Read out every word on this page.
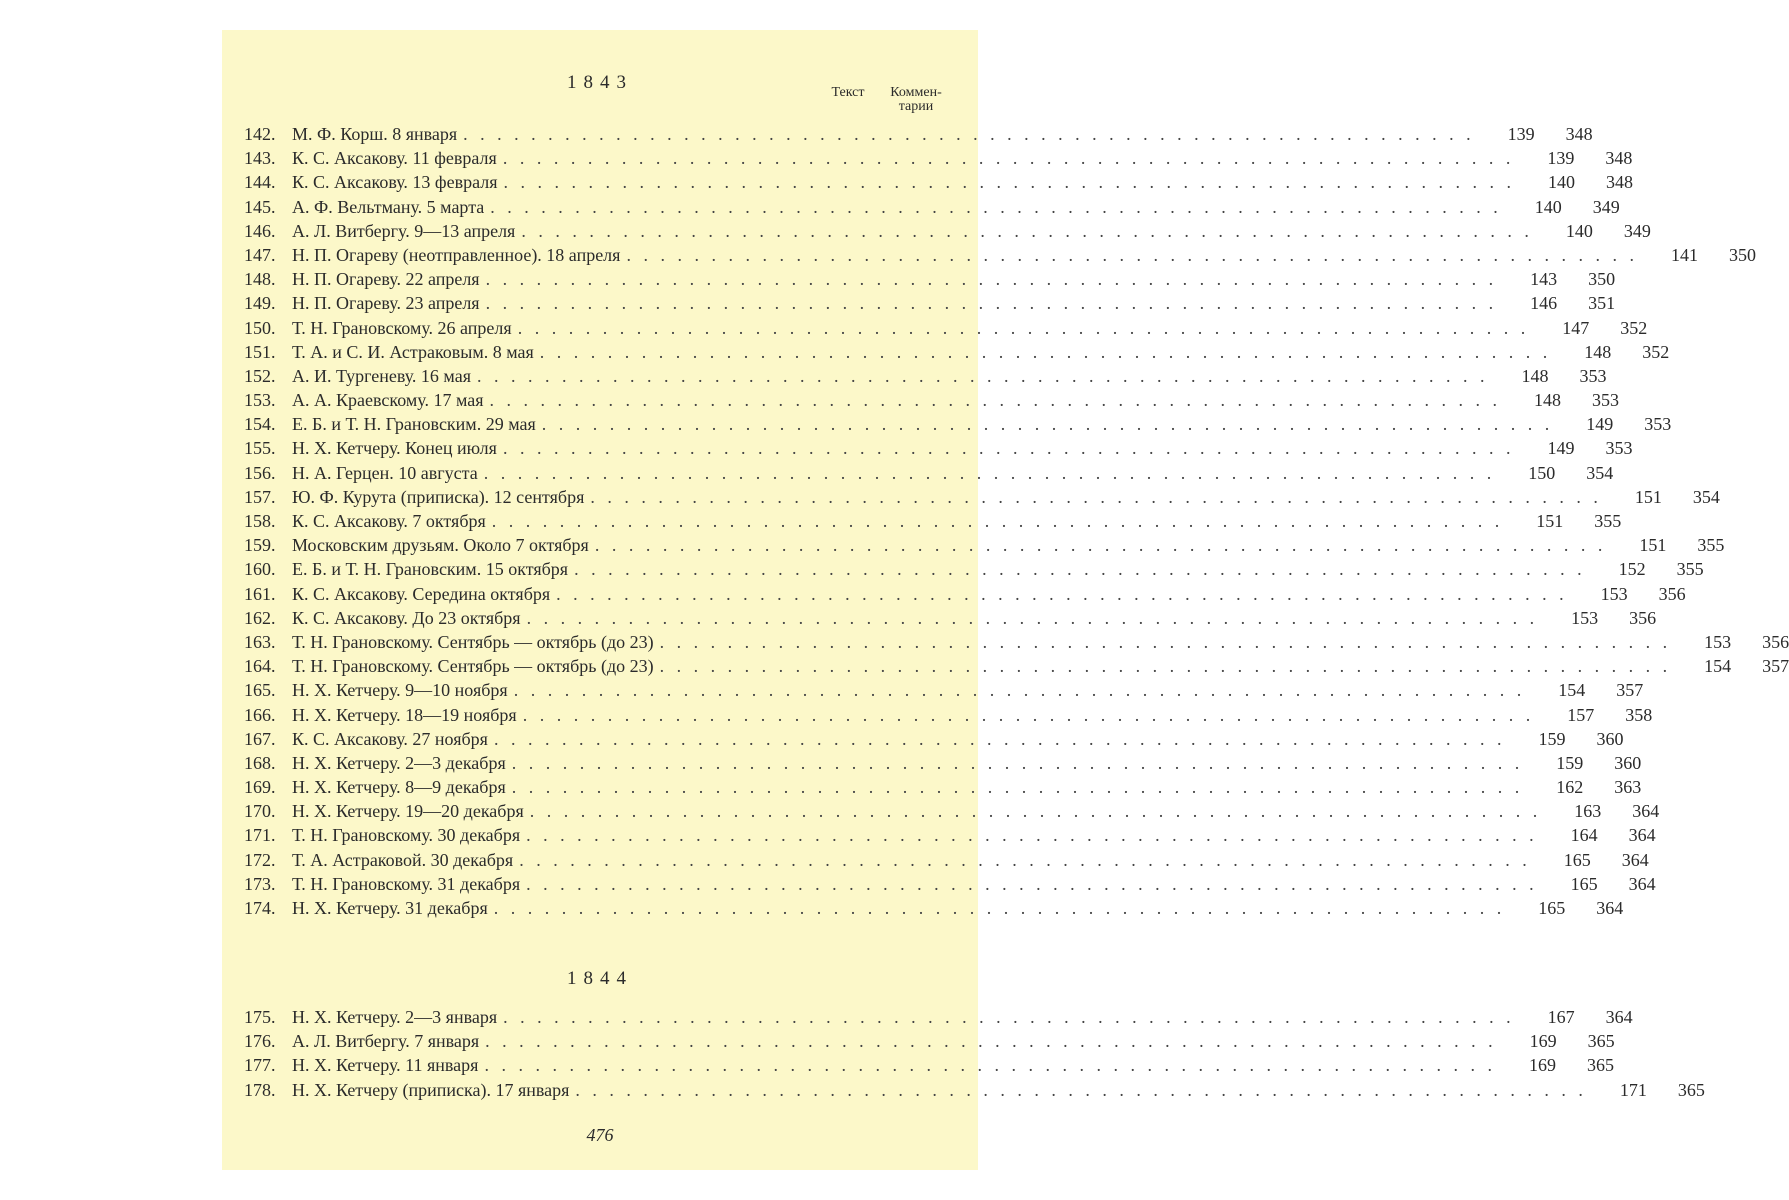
1843	Текст	Коммен-
тарии
142. М. Ф. Корш. 8 января . . . . . . . . . . . . . . . . . . . . . . . . . . . . . . . . . . . . . . . . . . . . . . . . . . . . . . . . . . . .	139	348
143. К. С. Аксакову. 11 февраля . . . . . . . . . . . . . . . . . . . . . . . . . . . . . . . . . . . . . . . . . . . . . . . . . . . . . . . . . . . .	139	348
144. К. С. Аксакову. 13 февраля . . . . . . . . . . . . . . . . . . . . . . . . . . . . . . . . . . . . . . . . . . . . . . . . . . . . . . . . . . . .	140	348
145. А. Ф. Вельтману. 5 марта . . . . . . . . . . . . . . . . . . . . . . . . . . . . . . . . . . . . . . . . . . . . . . . . . . . . . . . . . . . .	140	349
146. А. Л. Витбергу. 9—13 апреля . . . . . . . . . . . . . . . . . . . . . . . . . . . . . . . . . . . . . . . . . . . . . . . . . . . . . . . . . . . .	140	349
147. Н. П. Огареву (неотправленное). 18 апреля . . . . . . . . . . . . . . . . . . . . . . . . . . . . . . . . . . . . . . . . . . . . . . . . . . . . . . . . . . . .	141	350
148. Н. П. Огареву. 22 апреля . . . . . . . . . . . . . . . . . . . . . . . . . . . . . . . . . . . . . . . . . . . . . . . . . . . . . . . . . . . .	143	350
149. Н. П. Огареву. 23 апреля . . . . . . . . . . . . . . . . . . . . . . . . . . . . . . . . . . . . . . . . . . . . . . . . . . . . . . . . . . . .	146	351
150. Т. Н. Грановскому. 26 апреля . . . . . . . . . . . . . . . . . . . . . . . . . . . . . . . . . . . . . . . . . . . . . . . . . . . . . . . . . . . .	147	352
151. Т. А. и С. И. Астраковым. 8 мая . . . . . . . . . . . . . . . . . . . . . . . . . . . . . . . . . . . . . . . . . . . . . . . . . . . . . . . . . . . .	148	352
152. А. И. Тургеневу. 16 мая . . . . . . . . . . . . . . . . . . . . . . . . . . . . . . . . . . . . . . . . . . . . . . . . . . . . . . . . . . . .	148	353
153. А. А. Краевскому. 17 мая . . . . . . . . . . . . . . . . . . . . . . . . . . . . . . . . . . . . . . . . . . . . . . . . . . . . . . . . . . . .	148	353
154. Е. Б. и Т. Н. Грановским. 29 мая . . . . . . . . . . . . . . . . . . . . . . . . . . . . . . . . . . . . . . . . . . . . . . . . . . . . . . . . . . . .	149	353
155. Н. Х. Кетчеру. Конец июля . . . . . . . . . . . . . . . . . . . . . . . . . . . . . . . . . . . . . . . . . . . . . . . . . . . . . . . . . . . .	149	353
156. Н. А. Герцен. 10 августа . . . . . . . . . . . . . . . . . . . . . . . . . . . . . . . . . . . . . . . . . . . . . . . . . . . . . . . . . . . .	150	354
157. Ю. Ф. Курута (приписка). 12 сентября . . . . . . . . . . . . . . . . . . . . . . . . . . . . . . . . . . . . . . . . . . . . . . . . . . . . . . . . . . . .	151	354
158. К. С. Аксакову. 7 октября . . . . . . . . . . . . . . . . . . . . . . . . . . . . . . . . . . . . . . . . . . . . . . . . . . . . . . . . . . . .	151	355
159. Московским друзьям. Около 7 октября . . . . . . . . . . . . . . . . . . . . . . . . . . . . . . . . . . . . . . . . . . . . . . . . . . . . . . . . . . . .	151	355
160. Е. Б. и Т. Н. Грановским. 15 октября . . . . . . . . . . . . . . . . . . . . . . . . . . . . . . . . . . . . . . . . . . . . . . . . . . . . . . . . . . . .	152	355
161. К. С. Аксакову. Середина октября . . . . . . . . . . . . . . . . . . . . . . . . . . . . . . . . . . . . . . . . . . . . . . . . . . . . . . . . . . . .	153	356
162. К. С. Аксакову. До 23 октября . . . . . . . . . . . . . . . . . . . . . . . . . . . . . . . . . . . . . . . . . . . . . . . . . . . . . . . . . . . .	153	356
163. Т. Н. Грановскому. Сентябрь — октябрь (до 23) . . . . . . . . . . . . . . . . . . . . . . . . . . . . . . . . . . . . . . . . . . . . . . . . . . . . . . . . . . . .	153	356
164. Т. Н. Грановскому. Сентябрь — октябрь (до 23) . . . . . . . . . . . . . . . . . . . . . . . . . . . . . . . . . . . . . . . . . . . . . . . . . . . . . . . . . . . .	154	357
165. Н. Х. Кетчеру. 9—10 ноября . . . . . . . . . . . . . . . . . . . . . . . . . . . . . . . . . . . . . . . . . . . . . . . . . . . . . . . . . . . .	154	357
166. Н. Х. Кетчеру. 18—19 ноября . . . . . . . . . . . . . . . . . . . . . . . . . . . . . . . . . . . . . . . . . . . . . . . . . . . . . . . . . . . .	157	358
167. К. С. Аксакову. 27 ноября . . . . . . . . . . . . . . . . . . . . . . . . . . . . . . . . . . . . . . . . . . . . . . . . . . . . . . . . . . . .	159	360
168. Н. Х. Кетчеру. 2—3 декабря . . . . . . . . . . . . . . . . . . . . . . . . . . . . . . . . . . . . . . . . . . . . . . . . . . . . . . . . . . . .	159	360
169. Н. Х. Кетчеру. 8—9 декабря . . . . . . . . . . . . . . . . . . . . . . . . . . . . . . . . . . . . . . . . . . . . . . . . . . . . . . . . . . . .	162	363
170. Н. Х. Кетчеру. 19—20 декабря . . . . . . . . . . . . . . . . . . . . . . . . . . . . . . . . . . . . . . . . . . . . . . . . . . . . . . . . . . . .	163	364
171. Т. Н. Грановскому. 30 декабря . . . . . . . . . . . . . . . . . . . . . . . . . . . . . . . . . . . . . . . . . . . . . . . . . . . . . . . . . . . .	164	364
172. Т. А. Астраковой. 30 декабря . . . . . . . . . . . . . . . . . . . . . . . . . . . . . . . . . . . . . . . . . . . . . . . . . . . . . . . . . . . .	165	364
173. Т. Н. Грановскому. 31 декабря . . . . . . . . . . . . . . . . . . . . . . . . . . . . . . . . . . . . . . . . . . . . . . . . . . . . . . . . . . . .	165	364
174. Н. Х. Кетчеру. 31 декабря . . . . . . . . . . . . . . . . . . . . . . . . . . . . . . . . . . . . . . . . . . . . . . . . . . . . . . . . . . . .	165	364
1844
175. Н. Х. Кетчеру. 2—3 января . . . . . . . . . . . . . . . . . . . . . . . . . . . . . . . . . . . . . . . . . . . . . . . . . . . . . . . . . . . .	167	364
176. А. Л. Витбергу. 7 января . . . . . . . . . . . . . . . . . . . . . . . . . . . . . . . . . . . . . . . . . . . . . . . . . . . . . . . . . . . .	169	365
177. Н. Х. Кетчеру. 11 января . . . . . . . . . . . . . . . . . . . . . . . . . . . . . . . . . . . . . . . . . . . . . . . . . . . . . . . . . . . .	169	365
178. Н. Х. Кетчеру (приписка). 17 января . . . . . . . . . . . . . . . . . . . . . . . . . . . . . . . . . . . . . . . . . . . . . . . . . . . . . . . . . . . .	171	365
476
